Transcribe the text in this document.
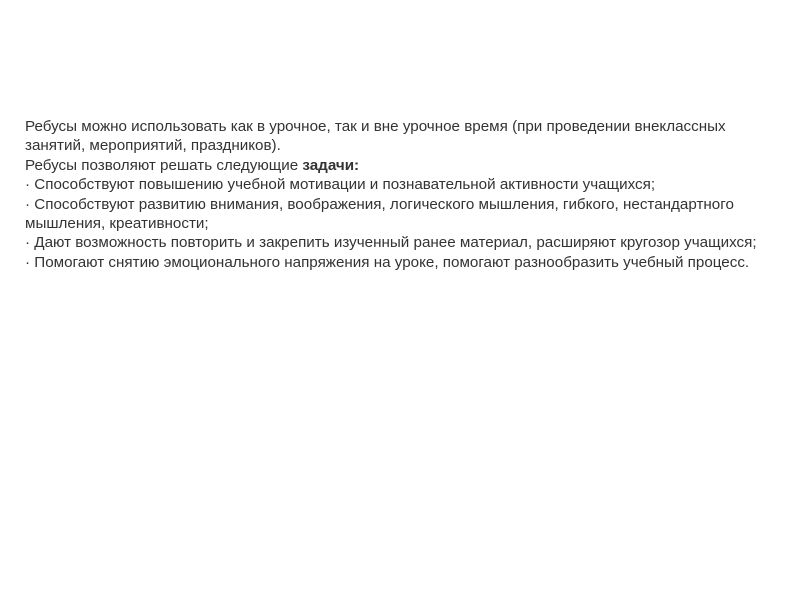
Ребусы можно использовать как в урочное, так и вне урочное время (при проведении внеклассных занятий, мероприятий, праздников).
Ребусы позволяют решать следующие задачи:
· Способствуют повышению учебной мотивации и познавательной активности учащихся;
· Способствуют развитию внимания, воображения, логического мышления, гибкого, нестандартного мышления, креативности;
· Дают возможность повторить и закрепить изученный ранее материал, расширяют кругозор учащихся;
· Помогают снятию эмоционального напряжения на уроке, помогают разнообразить учебный процесс.
